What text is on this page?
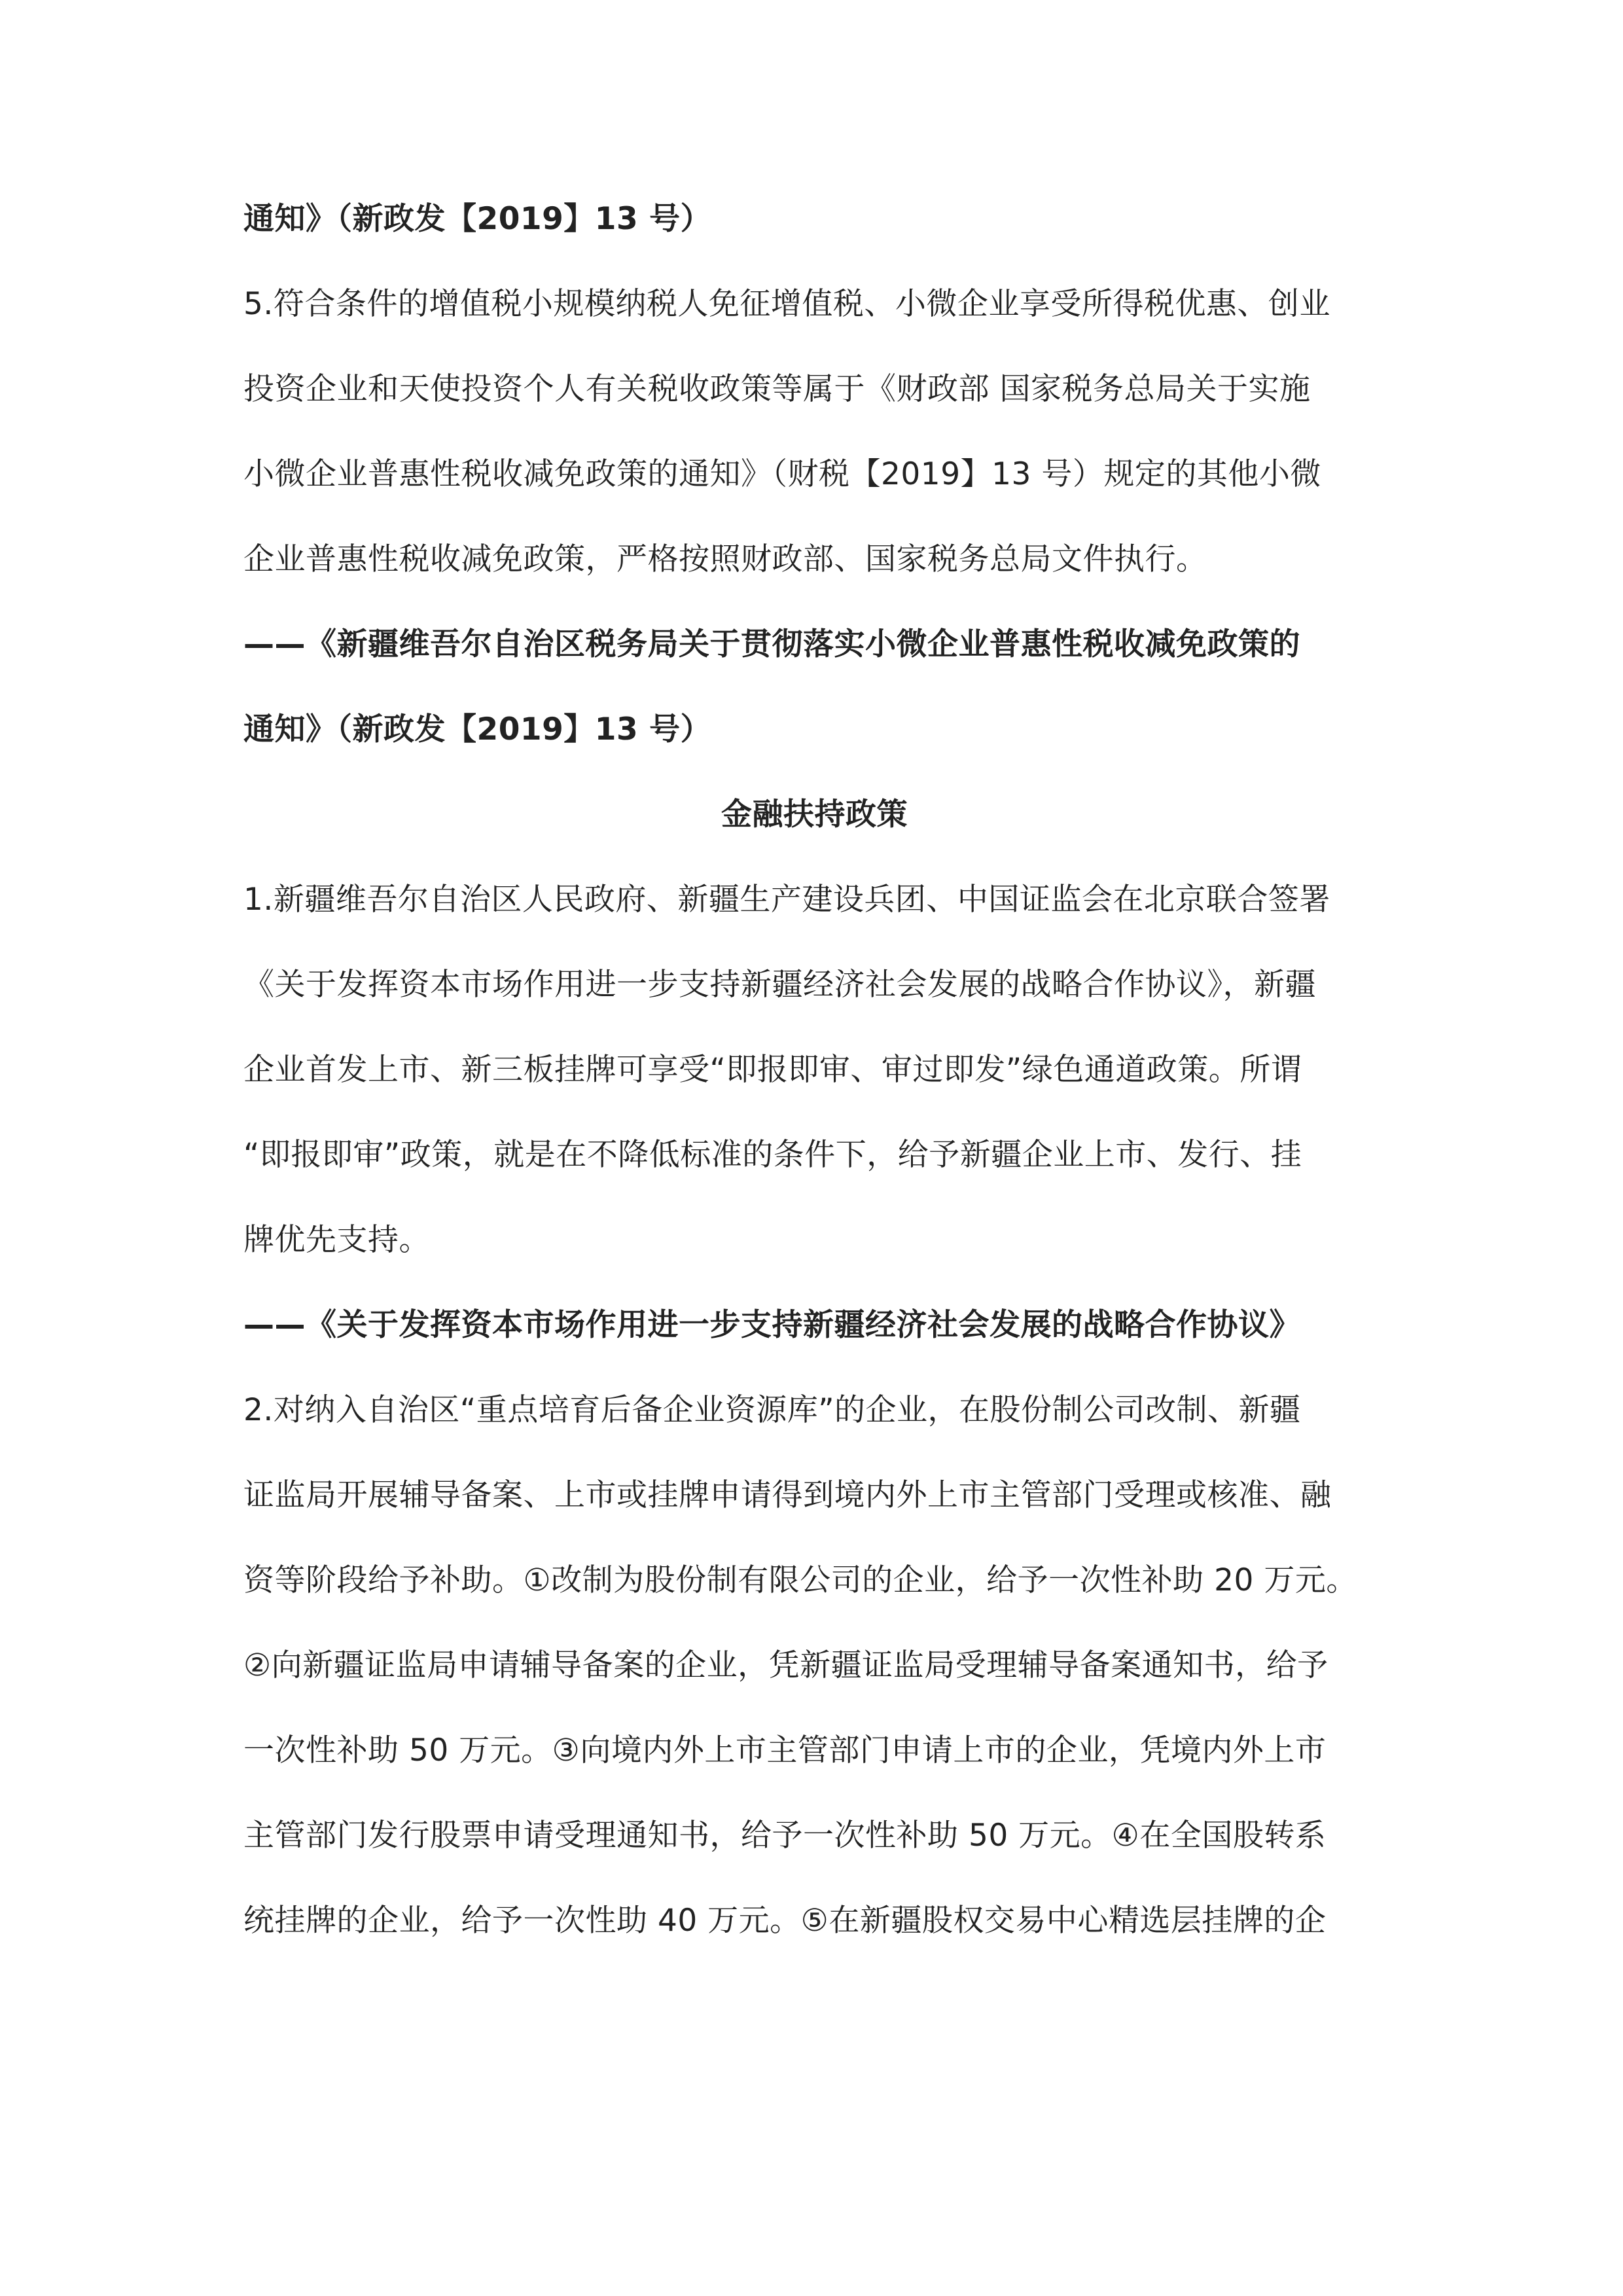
通知》（新政发【2019】13 号）
5.符合条件的增值税小规模纳税人免征增值税、小微企业享受所得税优惠、创业
投资企业和天使投资个人有关税收政策等属于《财政部 国家税务总局关于实施
小微企业普惠性税收减免政策的通知》（财税【2019】13 号）规定的其他小微
企业普惠性税收减免政策，严格按照财政部、国家税务总局文件执行。
——《新疆维吾尔自治区税务局关于贯彻落实小微企业普惠性税收减免政策的
通知》（新政发【2019】13 号）
金融扶持政策
1.新疆维吾尔自治区人民政府、新疆生产建设兵团、中国证监会在北京联合签署
《关于发挥资本市场作用进一步支持新疆经济社会发展的战略合作协议》，新疆
企业首发上市、新三板挂牌可享受“即报即审、审过即发”绿色通道政策。所谓
“即报即审”政策，就是在不降低标准的条件下，给予新疆企业上市、发行、挂
牌优先支持。
——《关于发挥资本市场作用进一步支持新疆经济社会发展的战略合作协议》
2.对纳入自治区“重点培育后备企业资源库”的企业，在股份制公司改制、新疆
证监局开展辅导备案、上市或挂牌申请得到境内外上市主管部门受理或核准、融
资等阶段给予补助。①改制为股份制有限公司的企业，给予一次性补助 20 万元。
②向新疆证监局申请辅导备案的企业，凭新疆证监局受理辅导备案通知书，给予
一次性补助 50 万元。③向境内外上市主管部门申请上市的企业，凭境内外上市
主管部门发行股票申请受理通知书，给予一次性补助 50 万元。④在全国股转系
统挂牌的企业，给予一次性助 40 万元。⑤在新疆股权交易中心精选层挂牌的企
